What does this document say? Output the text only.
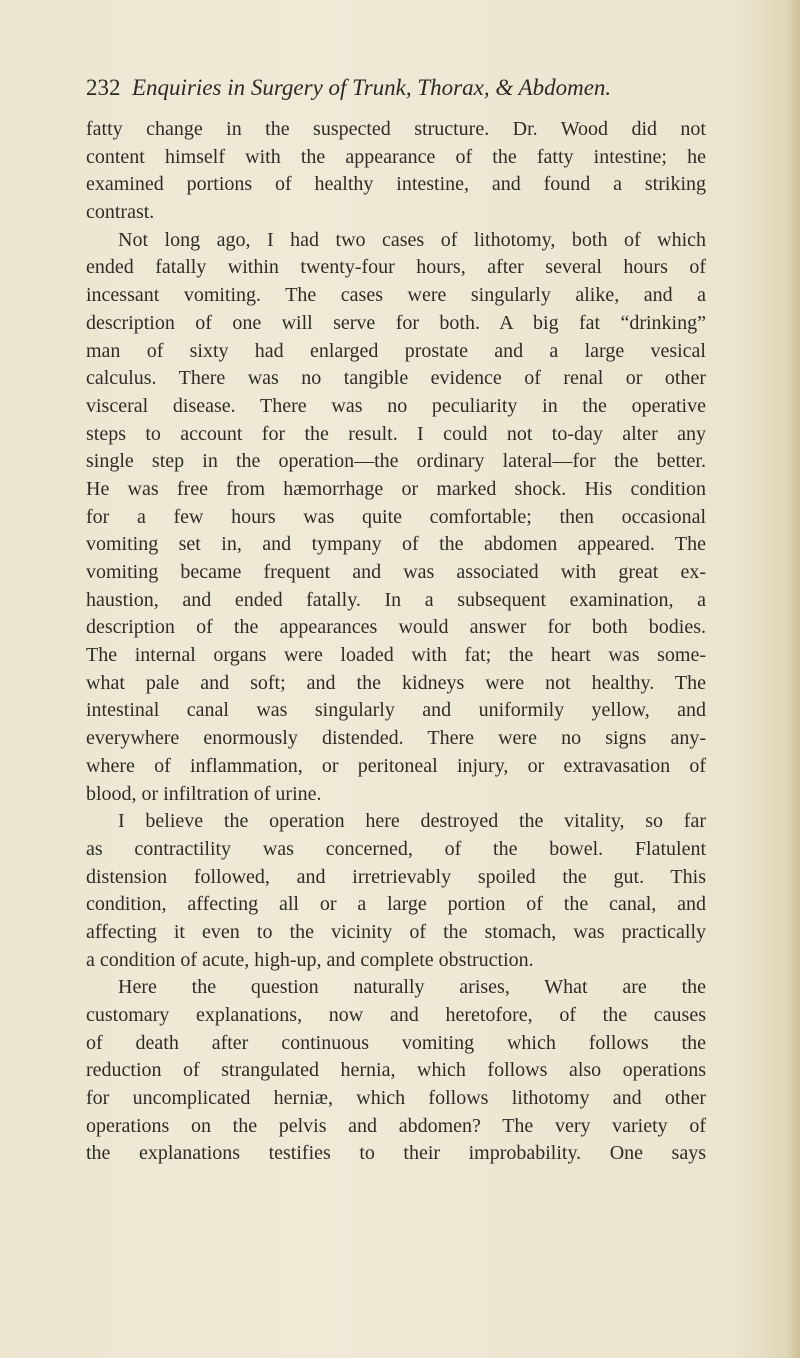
232 Enquiries in Surgery of Trunk, Thorax, & Abdomen.
fatty change in the suspected structure. Dr. Wood did not
content himself with the appearance of the fatty intestine; he
examined portions of healthy intestine, and found a striking
contrast.
Not long ago, I had two cases of lithotomy, both of which
ended fatally within twenty-four hours, after several hours of
incessant vomiting. The cases were singularly alike, and a
description of one will serve for both. A big fat “drinking”
man of sixty had enlarged prostate and a large vesical
calculus. There was no tangible evidence of renal or other
visceral disease. There was no peculiarity in the operative
steps to account for the result. I could not to-day alter any
single step in the operation—the ordinary lateral—for the better.
He was free from hæmorrhage or marked shock. His condition
for a few hours was quite comfortable; then occasional
vomiting set in, and tympany of the abdomen appeared. The
vomiting became frequent and was associated with great ex-
haustion, and ended fatally. In a subsequent examination, a
description of the appearances would answer for both bodies.
The internal organs were loaded with fat; the heart was some-
what pale and soft; and the kidneys were not healthy. The
intestinal canal was singularly and uniformily yellow, and
everywhere enormously distended. There were no signs any-
where of inflammation, or peritoneal injury, or extravasation of
blood, or infiltration of urine.
I believe the operation here destroyed the vitality, so far
as contractility was concerned, of the bowel. Flatulent
distension followed, and irretrievably spoiled the gut. This
condition, affecting all or a large portion of the canal, and
affecting it even to the vicinity of the stomach, was practically
a condition of acute, high-up, and complete obstruction.
Here the question naturally arises, What are the
customary explanations, now and heretofore, of the causes
of death after continuous vomiting which follows the
reduction of strangulated hernia, which follows also operations
for uncomplicated herniæ, which follows lithotomy and other
operations on the pelvis and abdomen? The very variety of
the explanations testifies to their improbability. One says
